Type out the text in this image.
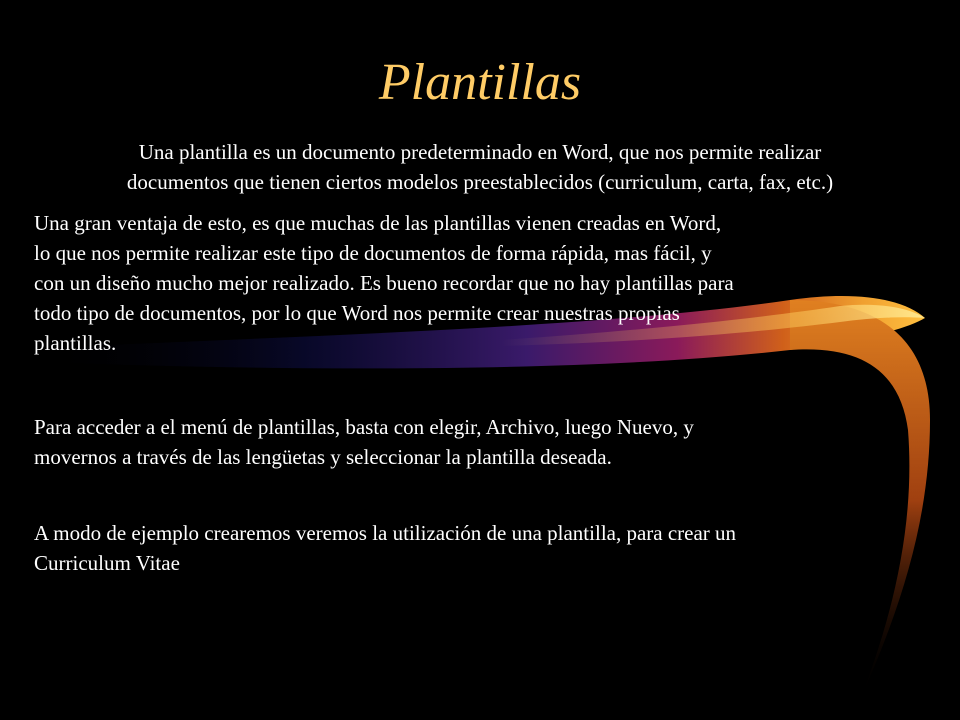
Plantillas

Una plantilla es un documento predeterminado en Word, que nos permite realizar
documentos que tienen ciertos modelos preestablecidos (curriculum, carta, fax, etc.)

Una gran ventaja de esto, es que muchas de las plantillas vienen creadas en Word,
lo que nos permite realizar este tipo de documentos de forma rápida, mas fácil, y
con un diseño mucho mejor realizado. Es bueno recordar que no hay plantillas para
todo tipo de documentos, por lo que Word nos permite crear nuestras propias
plantillas.

Para acceder a el menú de plantillas, basta con elegir, Archivo, luego Nuevo, y
movernos a través de las lengüetas y seleccionar la plantilla deseada.

A modo de ejemplo crearemos veremos la utilización de una plantilla, para crear un
Curriculum Vitae
